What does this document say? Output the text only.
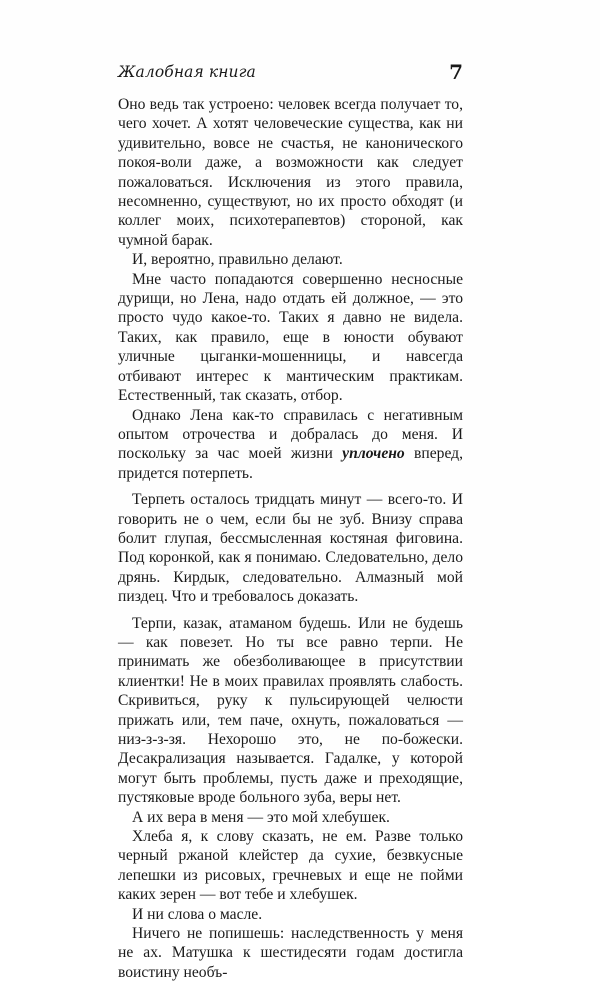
Жалобная книга	7

Оно ведь так устроено: человек всегда получает то, чего хочет. А хотят человеческие существа, как ни удивительно, вовсе не счастья, не канонического покоя-воли даже, а возможности как следует пожаловаться. Исключения из этого правила, несомненно, существуют, но их просто обходят (и коллег моих, психотерапевтов) стороной, как чумной барак.

И, вероятно, правильно делают.

Мне часто попадаются совершенно несносные дурищи, но Лена, надо отдать ей должное, — это просто чудо какое-то. Таких я давно не видела. Таких, как правило, еще в юности обувают уличные цыганки-мошенницы, и навсегда отбивают интерес к мантическим практикам. Естественный, так сказать, отбор.

Однако Лена как-то справилась с негативным опытом отрочества и добралась до меня. И поскольку за час моей жизни уплочено вперед, придется потерпеть.

Терпеть осталось тридцать минут — всего-то. И говорить не о чем, если бы не зуб. Внизу справа болит глупая, бессмысленная костяная фиговина. Под коронкой, как я понимаю. Следовательно, дело дрянь. Кирдык, следовательно. Алмазный мой пиздец. Что и требовалось доказать.

Терпи, казак, атаманом будешь. Или не будешь — как повезет. Но ты все равно терпи. Не принимать же обезболивающее в присутствии клиентки! Не в моих правилах проявлять слабость. Скривиться, руку к пульсирующей челюсти прижать или, тем паче, охнуть, пожаловаться — низ-з-з-зя. Нехорошо это, не по-божески. Десакрализация называется. Гадалке, у которой могут быть проблемы, пусть даже и преходящие, пустяковые вроде больного зуба, веры нет.

А их вера в меня — это мой хлебушек.

Хлеба я, к слову сказать, не ем. Разве только черный ржаной клейстер да сухие, безвкусные лепешки из рисовых, гречневых и еще не пойми каких зерен — вот тебе и хлебушек.

И ни слова о масле.

Ничего не попишешь: наследственность у меня не ах. Матушка к шестидесяти годам достигла воистину необъ-
